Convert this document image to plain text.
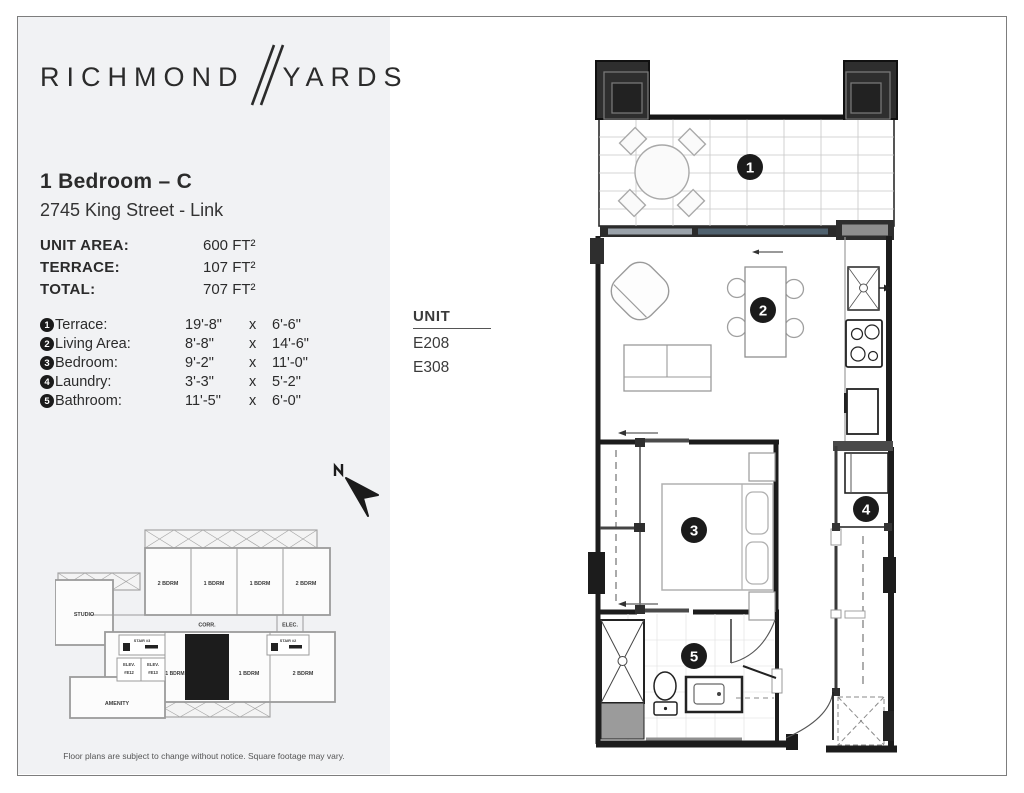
RICHMOND YARDS
1 Bedroom – C
2745 King Street - Link
UNIT AREA:	600 FT²
TERRACE:	107 FT²
TOTAL:	707 FT²
1 Terrace:	19'-8" x 6'-6"
2 Living Area:	8'-8" x 14'-6"
3 Bedroom:	9'-2" x 11'-0"
4 Laundry:	3'-3" x 5'-2"
5 Bathroom:	11'-5" x 6'-0"
2 BDRM	1 BDRM	1 BDRM	2 BDRM
STUDIO
CORR.	ELEC.
STAIR #3	STAIR #2
ELEV.
#E12
ELEV.
#E13 1 BDRM	1 BDRM	2 BDRM
AMENITY
Floor plans are subject to change without notice. Square footage may vary.
UNIT
E208
E308
1
2
3
4
5
